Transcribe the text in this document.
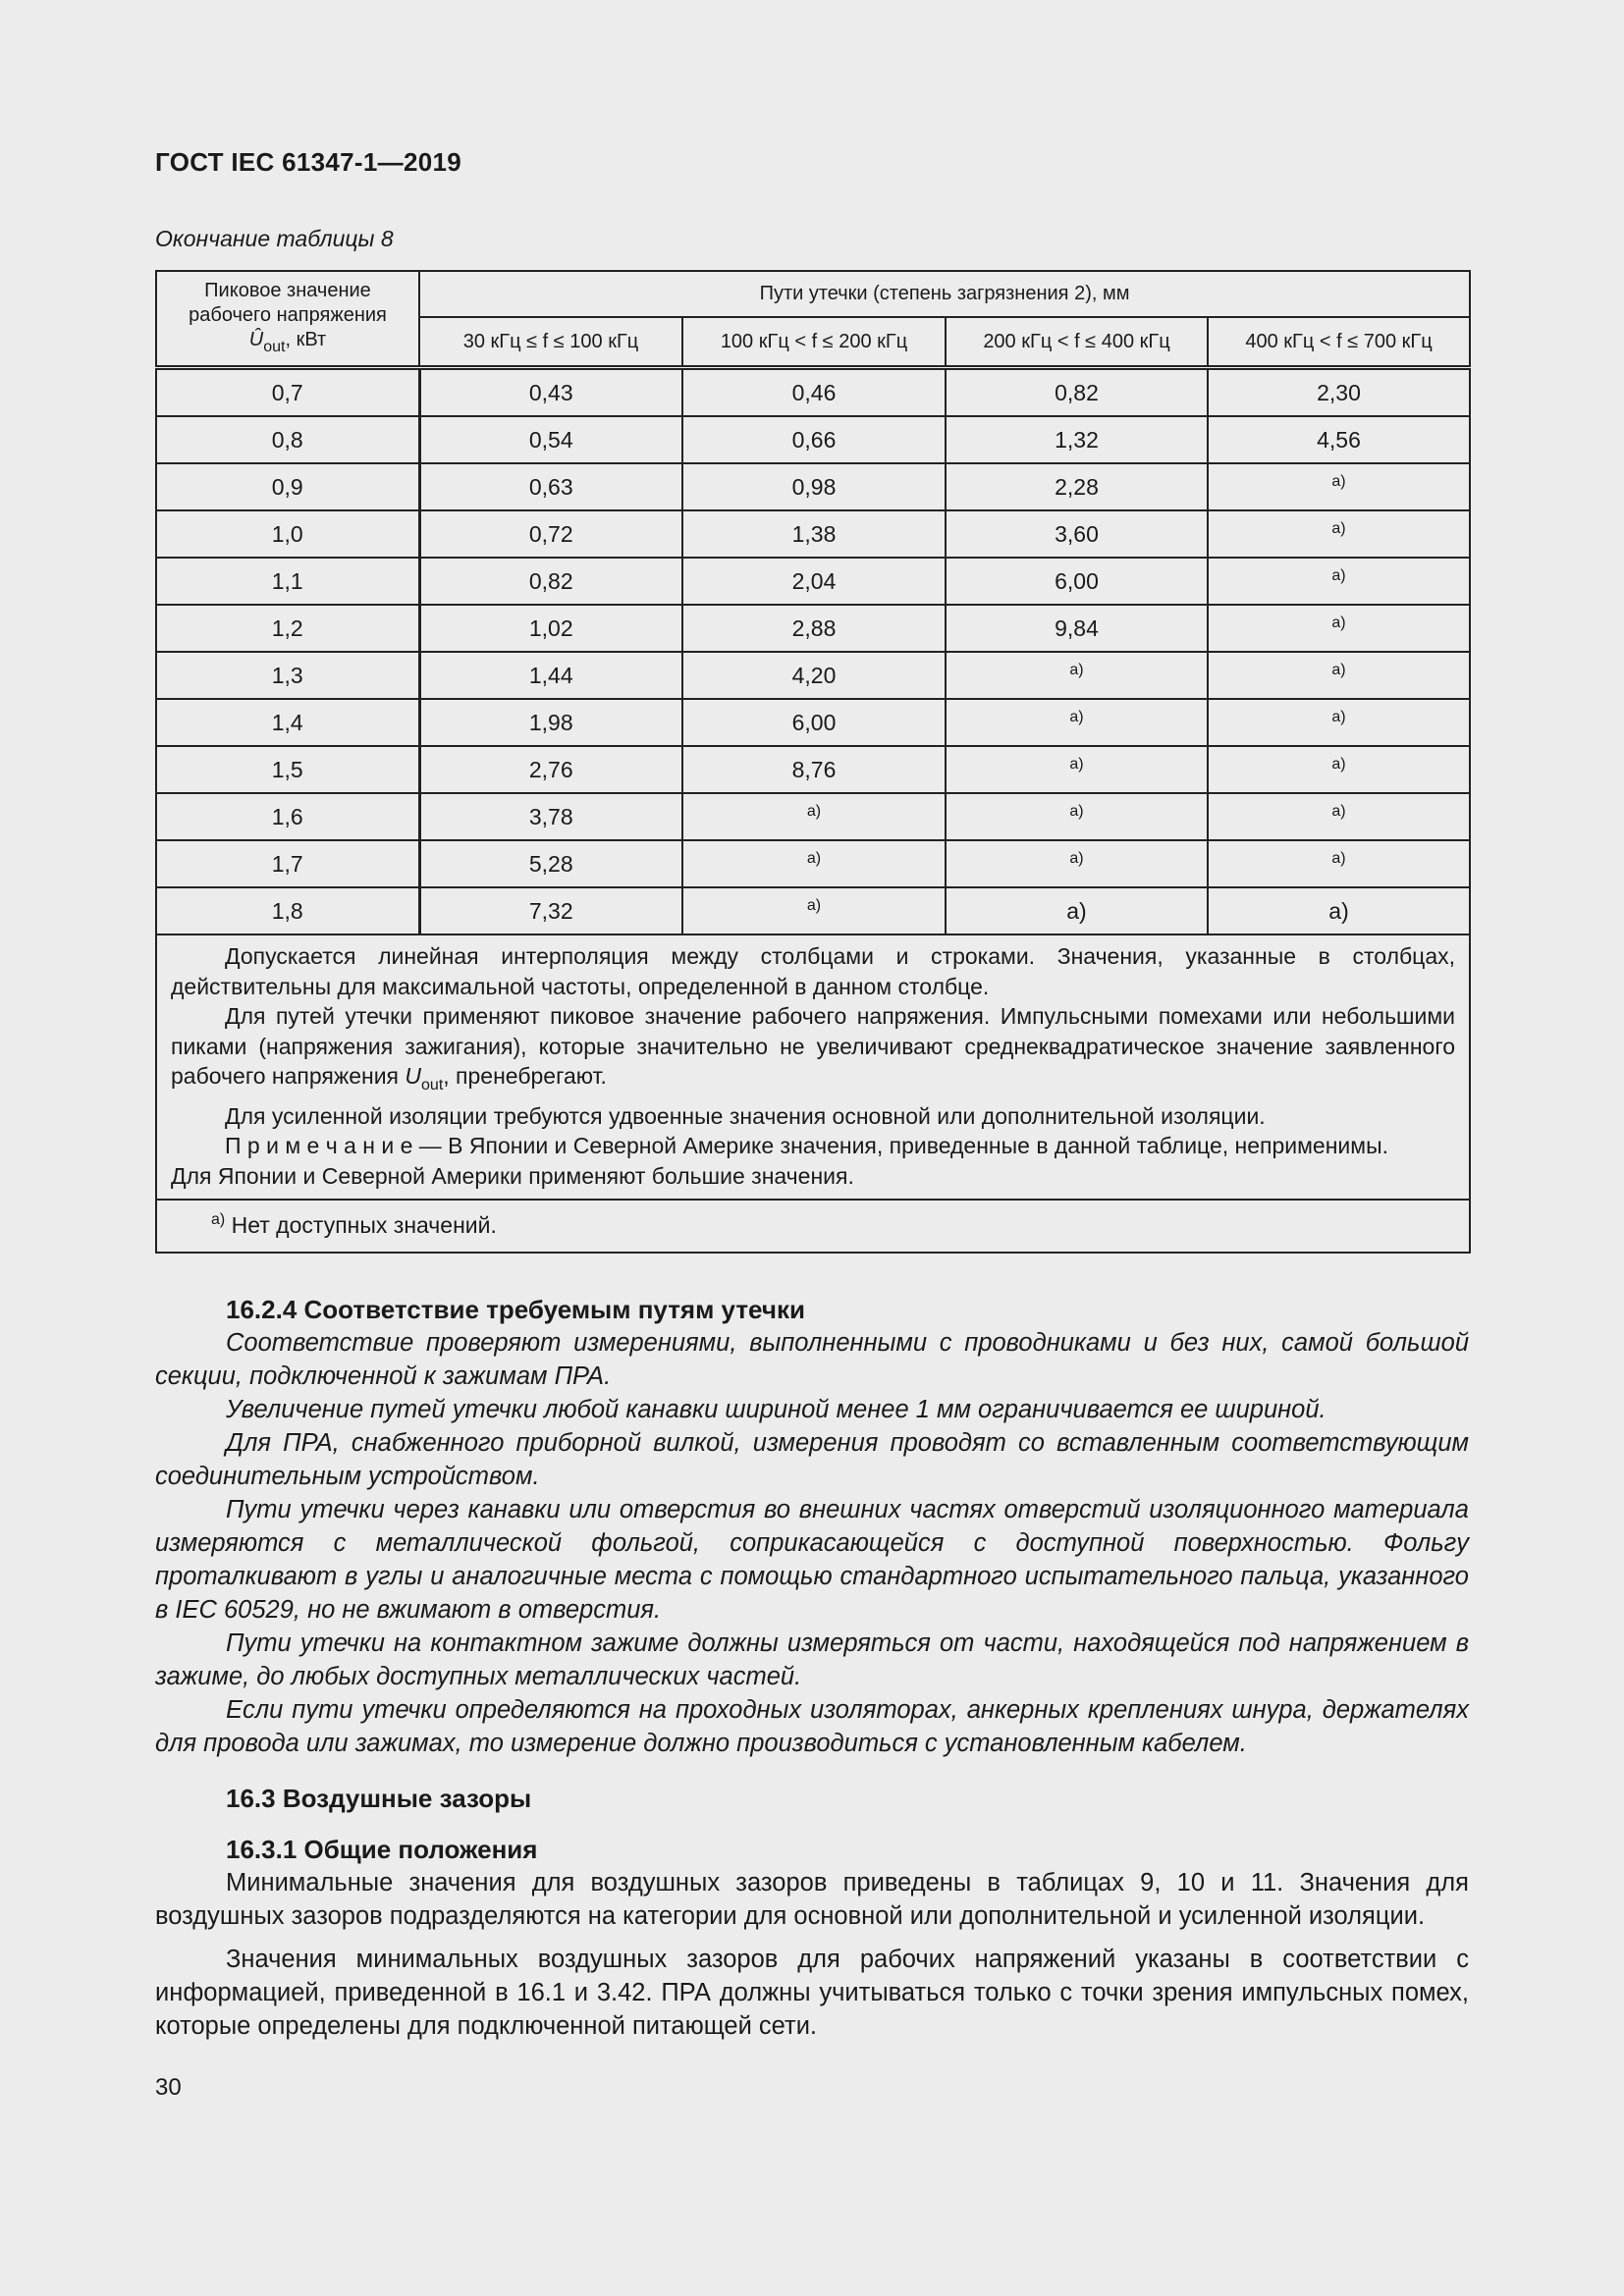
ГОСТ IEC 61347-1—2019
Окончание таблицы 8
Пиковое значение
рабочего напряжения
$Û_{out}$, кВт	Пути утечки (степень загрязнения 2), мм			
	30 кГц ≤ f ≤ 100 кГц	100 кГц < f ≤ 200 кГц	200 кГц < f ≤ 400 кГц	400 кГц < f ≤ 700 кГц
0,7	0,43	0,46	0,82	2,30
0,8	0,54	0,66	1,32	4,56
0,9	0,63	0,98	2,28	$^{a)}$
1,0	0,72	1,38	3,60	$^{a)}$
1,1	0,82	2,04	6,00	$^{a)}$
1,2	1,02	2,88	9,84	$^{a)}$
1,3	1,44	4,20	$^{a)}$	$^{a)}$
1,4	1,98	6,00	$^{a)}$	$^{a)}$
1,5	2,76	8,76	$^{a)}$	$^{a)}$
1,6	3,78	$^{a)}$	$^{a)}$	$^{a)}$
1,7	5,28	$^{a)}$	$^{a)}$	$^{a)}$
1,8	7,32	$^{a)}$	a)	a)

Допускается линейная интерполяция между столбцами и строками. Значения, указанные в столбцах, действительны для максимальной частоты, определенной в данном столбце.

Для путей утечки применяют пиковое значение рабочего напряжения. Импульсными помехами или небольшими пиками (напряжения зажигания), которые значительно не увеличивают среднеквадратическое значение заявленного рабочего напряжения $U_{out}$, пренебрегают.

Для усиленной изоляции требуются удвоенные значения основной или дополнительной изоляции.

П р и м е ч а н и е — В Японии и Северной Америке значения, приведенные в данной таблице, неприменимы.

Для Японии и Северной Америки применяют большие значения.				

$^{a)}$ Нет доступных значений.				
16.2.4 Соответствие требуемым путям утечки

Соответствие проверяют измерениями, выполненными с проводниками и без них, самой большой секции, подключенной к зажимам ПРА.

Увеличение путей утечки любой канавки шириной менее 1 мм ограничивается ее шириной.

Для ПРА, снабженного приборной вилкой, измерения проводят со вставленным соответствующим соединительным устройством.

Пути утечки через канавки или отверстия во внешних частях отверстий изоляционного материала измеряются с металлической фольгой, соприкасающейся с доступной поверхностью. Фольгу проталкивают в углы и аналогичные места с помощью стандартного испытательного пальца, указанного в IEC 60529, но не вжимают в отверстия.

Пути утечки на контактном зажиме должны измеряться от части, находящейся под напряжением в зажиме, до любых доступных металлических частей.

Если пути утечки определяются на проходных изоляторах, анкерных креплениях шнура, держателях для провода или зажимах, то измерение должно производиться с установленным кабелем.

16.3 Воздушные зазоры
16.3.1 Общие положения

Минимальные значения для воздушных зазоров приведены в таблицах 9, 10 и 11. Значения для воздушных зазоров подразделяются на категории для основной или дополнительной и усиленной изоляции.

Значения минимальных воздушных зазоров для рабочих напряжений указаны в соответствии с информацией, приведенной в 16.1 и 3.42. ПРА должны учитываться только с точки зрения импульсных помех, которые определены для подключенной питающей сети.

30
